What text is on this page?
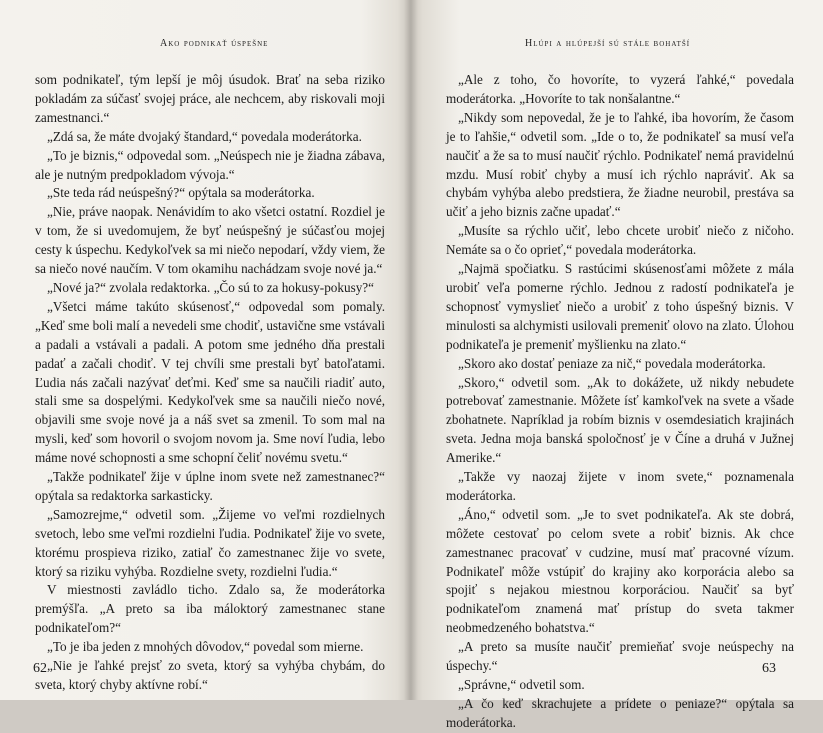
Ako podnikať úspešne

som podnikateľ, tým lepší je môj úsudok. Brať na seba riziko pokladám za súčasť svojej práce, ale nechcem, aby riskovali moji zamestnanci.“

„Zdá sa, že máte dvojaký štandard,“ povedala moderátorka.

„To je biznis,“ odpovedal som. „Neúspech nie je žiadna zábava, ale je nutným predpokladom vývoja.“

„Ste teda rád neúspešný?“ opýtala sa moderátorka.

„Nie, práve naopak. Nenávidím to ako všetci ostatní. Rozdiel je v tom, že si uvedomujem, že byť neúspešný je súčasťou mojej cesty k úspechu. Kedykoľvek sa mi niečo nepodarí, vždy viem, že sa niečo nové naučím. V tom okamihu nachádzam svoje nové ja.“

„Nové ja?“ zvolala redaktorka. „Čo sú to za hokusy-pokusy?“

„Všetci máme takúto skúsenosť,“ odpovedal som pomaly. „Keď sme boli malí a nevedeli sme chodiť, ustavične sme vstávali a padali a vstávali a padali. A potom sme jedného dňa prestali padať a začali chodiť. V tej chvíli sme prestali byť batoľatami. Ľudia nás začali nazývať deťmi. Keď sme sa naučili riadiť auto, stali sme sa dospelými. Kedykoľvek sme sa naučili niečo nové, objavili sme svoje nové ja a náš svet sa zmenil. To som mal na mysli, keď som hovoril o svojom novom ja. Sme noví ľudia, lebo máme nové schopnosti a sme schopní čeliť novému svetu.“

„Takže podnikateľ žije v úplne inom svete než zamestnanec?“ opýtala sa redaktorka sarkasticky.

„Samozrejme,“ odvetil som. „Žijeme vo veľmi rozdielnych svetoch, lebo sme veľmi rozdielni ľudia. Podnikateľ žije vo svete, ktorému prospieva riziko, zatiaľ čo zamestnanec žije vo svete, ktorý sa riziku vyhýba. Rozdielne svety, rozdielni ľudia.“

V miestnosti zavládlo ticho. Zdalo sa, že moderátorka premýšľa. „A preto sa iba máloktorý zamestnanec stane podnikateľom?“

„To je iba jeden z mnohých dôvodov,“ povedal som mierne.

„Nie je ľahké prejsť zo sveta, ktorý sa vyhýba chybám, do sveta, ktorý chyby aktívne robí.“

62
Hlúpi a hlúpejší sú stále bohatší

„Ale z toho, čo hovoríte, to vyzerá ľahké,“ povedala moderátorka. „Hovoríte to tak nonšalantne.“

„Nikdy som nepovedal, že je to ľahké, iba hovorím, že časom je to ľahšie,“ odvetil som. „Ide o to, že podnikateľ sa musí veľa naučiť a že sa to musí naučiť rýchlo. Podnikateľ nemá pravidelnú mzdu. Musí robiť chyby a musí ich rýchlo napráviť. Ak sa chybám vyhýba alebo predstiera, že žiadne neurobil, prestáva sa učiť a jeho biznis začne upadať.“

„Musíte sa rýchlo učiť, lebo chcete urobiť niečo z ničoho. Nemáte sa o čo oprieť,“ povedala moderátorka.

„Najmä spočiatku. S rastúcimi skúsenosťami môžete z mála urobiť veľa pomerne rýchlo. Jednou z radostí podnikateľa je schopnosť vymyslieť niečo a urobiť z toho úspešný biznis. V minulosti sa alchymisti usilovali premeniť olovo na zlato. Úlohou podnikateľa je premeniť myšlienku na zlato.“

„Skoro ako dostať peniaze za nič,“ povedala moderátorka.

„Skoro,“ odvetil som. „Ak to dokážete, už nikdy nebudete potrebovať zamestnanie. Môžete ísť kamkoľvek na svete a všade zbohatnete. Napríklad ja robím biznis v osemdesiatich krajinách sveta. Jedna moja banská spoločnosť je v Číne a druhá v Južnej Amerike.“

„Takže vy naozaj žijete v inom svete,“ poznamenala moderátorka.

„Áno,“ odvetil som. „Je to svet podnikateľa. Ak ste dobrá, môžete cestovať po celom svete a robiť biznis. Ak chce zamestnanec pracovať v cudzine, musí mať pracovné vízum. Podnikateľ môže vstúpiť do krajiny ako korporácia alebo sa spojiť s nejakou miestnou korporáciou. Naučiť sa byť podnikateľom znamená mať prístup do sveta takmer neobmedzeného bohatstva.“

„A preto sa musíte naučiť premieňať svoje neúspechy na úspechy.“

„Správne,“ odvetil som.

„A čo keď skrachujete a prídete o peniaze?“ opýtala sa moderátorka.

63
